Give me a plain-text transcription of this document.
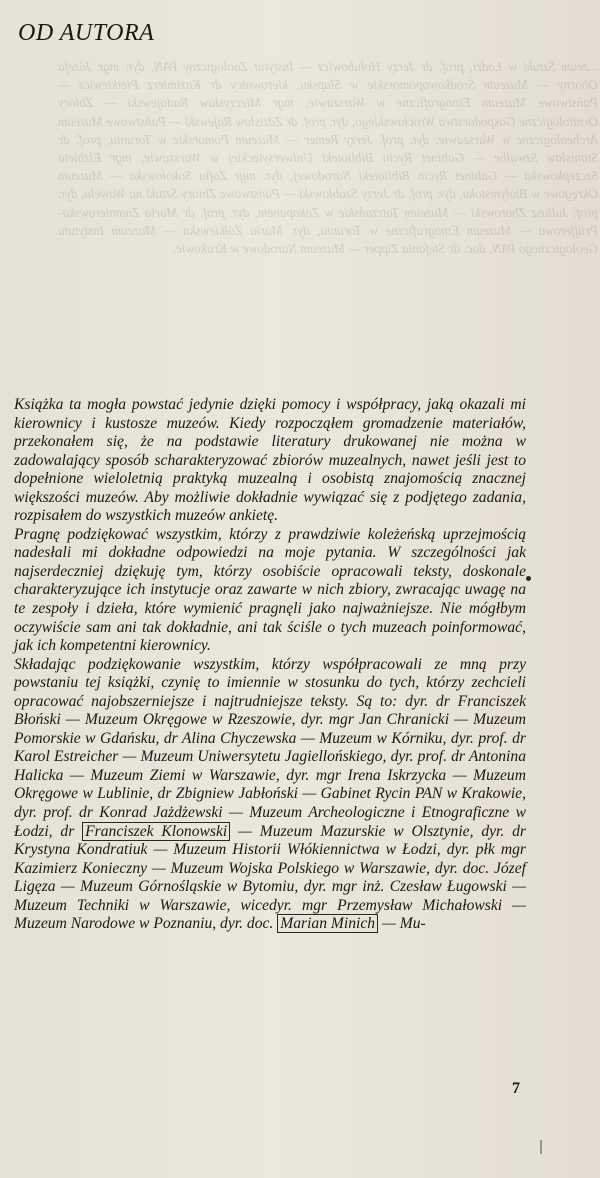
...zeum Sztuki w Łodzi, prof. dr Jerzy Hołubowicz — Instytut Zoologiczny PAN, dyr. mgr Józefa Oborny — Muzeum Środkowopomorskie w Słupsku, kierownicy dr Kazimierz Pietkiewicz — Państwowe Muzeum Etnograficzne w Warszawie, mgr Mieczysław Radojewski — Zbiory Ornitologiczne Gospodarstwa Wrocławskiego, dyr. prof. dr Zdzisław Rajewski — Państwowe Muzeum Archeologiczne w Warszawie, dyr. prof. Jerzy Remer — Muzeum Pomorskie w Toruniu, prof. dr Stanisław Szwalbe — Gabinet Rycin Biblioteki Uniwersyteckiej w Warszawie, mgr Elżbieta Szczepkowska — Gabinet Rycin Biblioteki Narodowej, dyr. mgr Zofia Sokołowska — Muzeum Okręgowe w Białymstoku, dyr. prof. dr Jerzy Szabłowski — Państwowe Zbiory Sztuki na Wawelu, dyr. prof. Juliusz Zborowski — Muzeum Tatrzańskie w Zakopanem, dyr. prof. dr Maria Znamierowska-Prüfferowa — Muzeum Etnograficzne w Toruniu, dyr. Maria Żółkiewska — Muzeum Instytutu Geologicznego PAN, doc. dr Stefania Zipper — Muzeum Narodowe w Krakowie.

OD AUTORA

Książka ta mogła powstać jedynie dzięki pomocy i współpracy, jaką okazali mi kierownicy i kustosze muzeów. Kiedy rozpocząłem gromadzenie materiałów, przekonałem się, że na podstawie literatury drukowanej nie można w zadowalający sposób scharakteryzować zbiorów muzealnych, nawet jeśli jest to dopełnione wieloletnią praktyką muzealną i osobistą znajomością znacznej większości muzeów. Aby możliwie dokładnie wywiązać się z podjętego zadania, rozpisałem do wszystkich muzeów ankietę.

Pragnę podziękować wszystkim, którzy z prawdziwie koleżeńską uprzejmością nadesłali mi dokładne odpowiedzi na moje pytania. W szczególności jak najserdeczniej dziękuję tym, którzy osobiście opracowali teksty, doskonale charakteryzujące ich instytucje oraz zawarte w nich zbiory, zwracając uwagę na te zespoły i dzieła, które wymienić pragnęli jako najważniejsze. Nie mógłbym oczywiście sam ani tak dokładnie, ani tak ściśle o tych muzeach poinformować, jak ich kompetentni kierownicy.

Składając podziękowanie wszystkim, którzy współpracowali ze mną przy powstaniu tej książki, czynię to imiennie w stosunku do tych, którzy zechcieli opracować najobszerniejsze i najtrudniejsze teksty. Są to: dyr. dr Franciszek Błoński — Muzeum Okręgowe w Rzeszowie, dyr. mgr Jan Chranicki — Muzeum Pomorskie w Gdańsku, dr Alina Chyczewska — Muzeum w Kórniku, dyr. prof. dr Karol Estreicher — Muzeum Uniwersytetu Jagiellońskiego, dyr. prof. dr Antonina Halicka — Muzeum Ziemi w Warszawie, dyr. mgr Irena Iskrzycka — Muzeum Okręgowe w Lublinie, dr Zbigniew Jabłoński — Gabinet Rycin PAN w Krakowie, dyr. prof. dr Konrad Jażdżewski — Muzeum Archeologiczne i Etnograficzne w Łodzi, dr Franciszek Klonowski — Muzeum Mazurskie w Olsztynie, dyr. dr Krystyna Kondratiuk — Muzeum Historii Włókiennictwa w Łodzi, dyr. płk mgr Kazimierz Konieczny — Muzeum Wojska Polskiego w Warszawie, dyr. doc. Józef Ligęza — Muzeum Górnośląskie w Bytomiu, dyr. mgr inż. Czesław Ługowski — Muzeum Techniki w Warszawie, wicedyr. mgr Przemysław Michałowski — Muzeum Narodowe w Poznaniu, dyr. doc. Marian Minich — Mu-

7
